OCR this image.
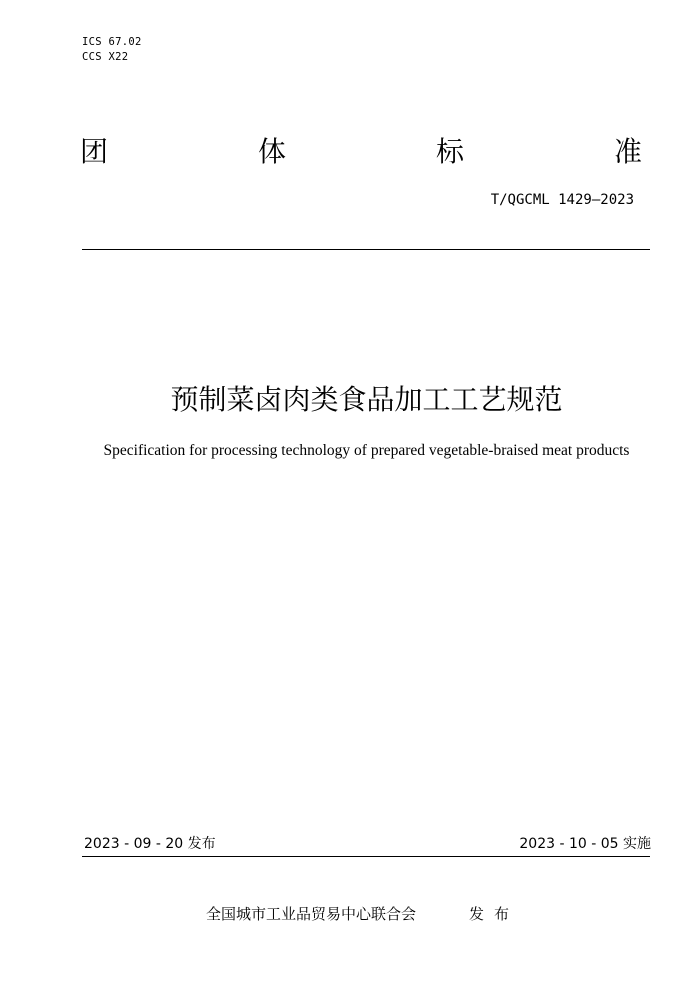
ICS 67.02
CCS X22
团	体	标	准
T/QGCML 1429—2023
预制菜卤肉类食品加工工艺规范
Specification for processing technology of prepared vegetable-braised meat products
2023 - 09 - 20 发布	2023 - 10 - 05 实施
全国城市工业品贸易中心联合会	发布
